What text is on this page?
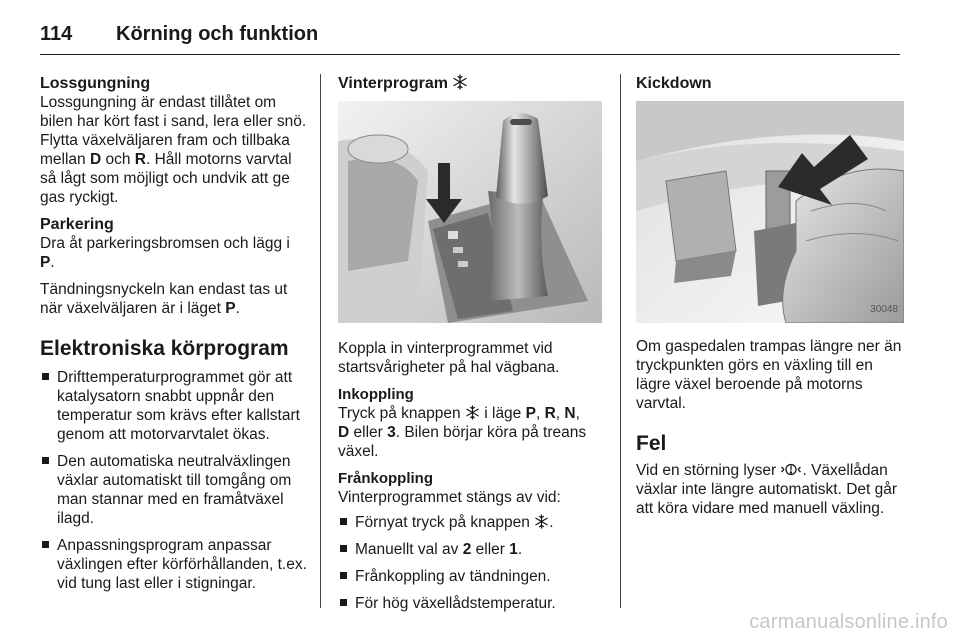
114	Körning och funktion
Lossgungning

Lossgungning är endast tillåtet om bilen har kört fast i sand, lera eller snö. Flytta växelväljaren fram och tillbaka mellan D och R. Håll motorns varvtal så lågt som möjligt och undvik att ge gas ryckigt.

Parkering

Dra åt parkeringsbromsen och lägg i P.

Tändningsnyckeln kan endast tas ut när växelväljaren är i läget P.

Elektroniska körprogram
Drifttemperaturprogrammet gör att katalysatorn snabbt uppnår den temperatur som krävs efter kallstart genom att motorvarvtalet ökas.
Den automatiska neutralväxlingen växlar automatiskt till tomgång om man stannar med en framåtväxel ilagd.
Anpassningsprogram anpassar växlingen efter körförhållanden, t.ex. vid tung last eller i stigningar.
Vinterprogram

Koppla in vinterprogrammet vid startsvårigheter på hal vägbana.

Inkoppling

Tryck på knappen  i läge P, R, N,
D eller 3. Bilen börjar köra på treans växel.

Frånkoppling

Vinterprogrammet stängs av vid:

Förnyat tryck på knappen .
Manuellt val av 2 eller 1.
Frånkoppling av tändningen.
För hög växellådstemperatur.
Kickdown
30048

Om gaspedalen trampas längre ner än tryckpunkten görs en växling till en lägre växel beroende på motorns varvtal.

Fel

Vid en störning lyser . Växellådan växlar inte längre automatiskt. Det går att köra vidare med manuell växling.

carmanualsonline.info
